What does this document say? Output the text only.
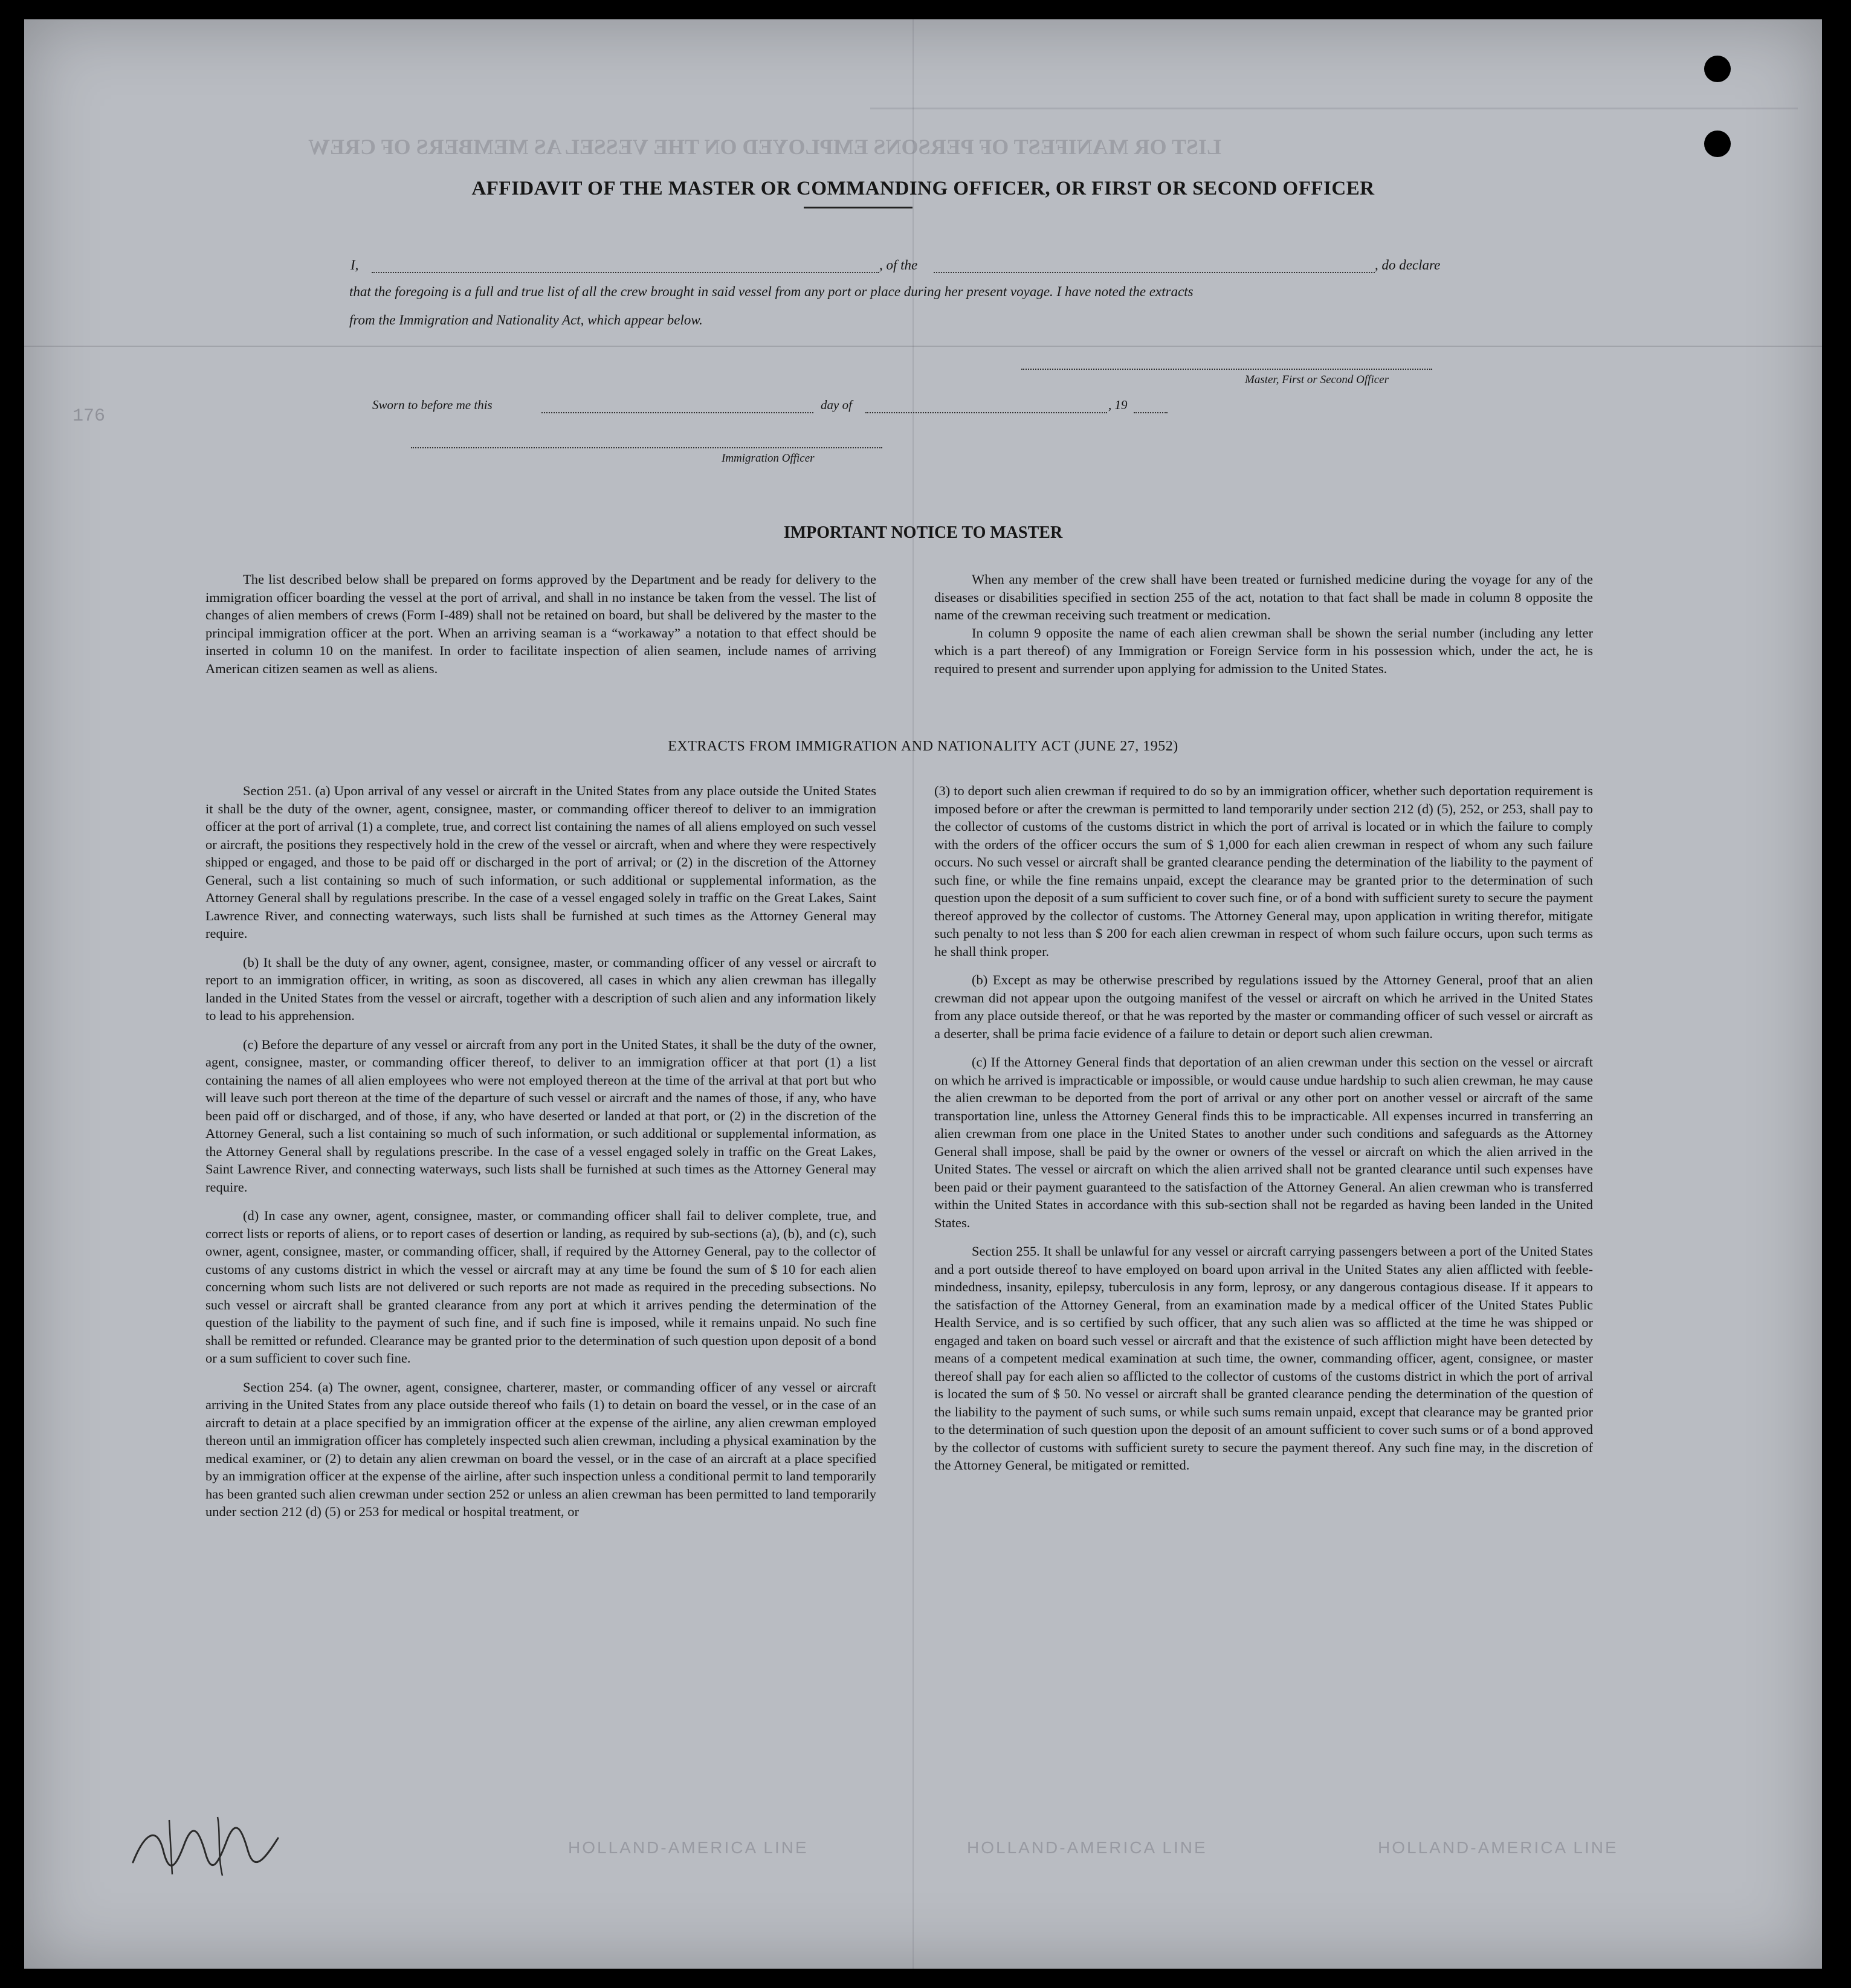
LIST OR MANIFEST OF PERSONS EMPLOYED ON THE VESSEL AS MEMBERS OF CREW
176
AFFIDAVIT OF THE MASTER OR COMMANDING OFFICER, OR FIRST OR SECOND OFFICER
I,	, of the	, do declare
that the foregoing is a full and true list of all the crew brought in said vessel from any port or place during her present voyage. I have noted the extracts
from the Immigration and Nationality Act, which appear below.
Master, First or Second Officer
Sworn to before me this	day of	, 19
Immigration Officer
IMPORTANT NOTICE TO MASTER

The list described below shall be prepared on forms approved by the Department and be ready for delivery to the immigration officer boarding the vessel at the port of arrival, and shall in no instance be taken from the vessel. The list of changes of alien members of crews (Form I-489) shall not be retained on board, but shall be delivered by the master to the principal immigration officer at the port. When an arriving seaman is a “workaway” a notation to that effect should be inserted in column 10 on the manifest. In order to facilitate inspection of alien seamen, include names of arriving American citizen seamen as well as aliens.

When any member of the crew shall have been treated or furnished medicine during the voyage for any of the diseases or disabilities specified in section 255 of the act, notation to that fact shall be made in column 8 opposite the name of the crewman receiving such treatment or medication.

In column 9 opposite the name of each alien crewman shall be shown the serial number (including any letter which is a part thereof) of any Immigration or Foreign Service form in his possession which, under the act, he is required to present and surrender upon applying for admission to the United States.

EXTRACTS FROM IMMIGRATION AND NATIONALITY ACT (JUNE 27, 1952)

Section 251. (a) Upon arrival of any vessel or aircraft in the United States from any place outside the United States it shall be the duty of the owner, agent, consignee, master, or commanding officer thereof to deliver to an immigration officer at the port of arrival (1) a complete, true, and correct list containing the names of all aliens employed on such vessel or aircraft, the positions they respectively hold in the crew of the vessel or aircraft, when and where they were respectively shipped or engaged, and those to be paid off or discharged in the port of arrival; or (2) in the discretion of the Attorney General, such a list containing so much of such information, or such additional or supplemental information, as the Attorney General shall by regulations prescribe. In the case of a vessel engaged solely in traffic on the Great Lakes, Saint Lawrence River, and connecting waterways, such lists shall be furnished at such times as the Attorney General may require.

(b) It shall be the duty of any owner, agent, consignee, master, or commanding officer of any vessel or aircraft to report to an immigration officer, in writing, as soon as discovered, all cases in which any alien crewman has illegally landed in the United States from the vessel or aircraft, together with a description of such alien and any information likely to lead to his apprehension.

(c) Before the departure of any vessel or aircraft from any port in the United States, it shall be the duty of the owner, agent, consignee, master, or commanding officer thereof, to deliver to an immigration officer at that port (1) a list containing the names of all alien employees who were not employed thereon at the time of the arrival at that port but who will leave such port thereon at the time of the departure of such vessel or aircraft and the names of those, if any, who have been paid off or discharged, and of those, if any, who have deserted or landed at that port, or (2) in the discretion of the Attorney General, such a list containing so much of such information, or such additional or supplemental information, as the Attorney General shall by regulations prescribe. In the case of a vessel engaged solely in traffic on the Great Lakes, Saint Lawrence River, and connecting waterways, such lists shall be furnished at such times as the Attorney General may require.

(d) In case any owner, agent, consignee, master, or commanding officer shall fail to deliver complete, true, and correct lists or reports of aliens, or to report cases of desertion or landing, as required by sub-sections (a), (b), and (c), such owner, agent, consignee, master, or commanding officer, shall, if required by the Attorney General, pay to the collector of customs of any customs district in which the vessel or aircraft may at any time be found the sum of $ 10 for each alien concerning whom such lists are not delivered or such reports are not made as required in the preceding subsections. No such vessel or aircraft shall be granted clearance from any port at which it arrives pending the determination of the question of the liability to the payment of such fine, and if such fine is imposed, while it remains unpaid. No such fine shall be remitted or refunded. Clearance may be granted prior to the determination of such question upon deposit of a bond or a sum sufficient to cover such fine.

Section 254. (a) The owner, agent, consignee, charterer, master, or commanding officer of any vessel or aircraft arriving in the United States from any place outside thereof who fails (1) to detain on board the vessel, or in the case of an aircraft to detain at a place specified by an immigration officer at the expense of the airline, any alien crewman employed thereon until an immigration officer has completely inspected such alien crewman, including a physical examination by the medical examiner, or (2) to detain any alien crewman on board the vessel, or in the case of an aircraft at a place specified by an immigration officer at the expense of the airline, after such inspection unless a conditional permit to land temporarily has been granted such alien crewman under section 252 or unless an alien crewman has been permitted to land temporarily under section 212 (d) (5) or 253 for medical or hospital treatment, or

(3) to deport such alien crewman if required to do so by an immigration officer, whether such deportation requirement is imposed before or after the crewman is permitted to land temporarily under section 212 (d) (5), 252, or 253, shall pay to the collector of customs of the customs district in which the port of arrival is located or in which the failure to comply with the orders of the officer occurs the sum of $ 1,000 for each alien crewman in respect of whom any such failure occurs. No such vessel or aircraft shall be granted clearance pending the determination of the liability to the payment of such fine, or while the fine remains unpaid, except the clearance may be granted prior to the determination of such question upon the deposit of a sum sufficient to cover such fine, or of a bond with sufficient surety to secure the payment thereof approved by the collector of customs. The Attorney General may, upon application in writing therefor, mitigate such penalty to not less than $ 200 for each alien crewman in respect of whom such failure occurs, upon such terms as he shall think proper.

(b) Except as may be otherwise prescribed by regulations issued by the Attorney General, proof that an alien crewman did not appear upon the outgoing manifest of the vessel or aircraft on which he arrived in the United States from any place outside thereof, or that he was reported by the master or commanding officer of such vessel or aircraft as a deserter, shall be prima facie evidence of a failure to detain or deport such alien crewman.

(c) If the Attorney General finds that deportation of an alien crewman under this section on the vessel or aircraft on which he arrived is impracticable or impossible, or would cause undue hardship to such alien crewman, he may cause the alien crewman to be deported from the port of arrival or any other port on another vessel or aircraft of the same transportation line, unless the Attorney General finds this to be impracticable. All expenses incurred in transferring an alien crewman from one place in the United States to another under such conditions and safeguards as the Attorney General shall impose, shall be paid by the owner or owners of the vessel or aircraft on which the alien arrived in the United States. The vessel or aircraft on which the alien arrived shall not be granted clearance until such expenses have been paid or their payment guaranteed to the satisfaction of the Attorney General. An alien crewman who is transferred within the United States in accordance with this sub-section shall not be regarded as having been landed in the United States.

Section 255. It shall be unlawful for any vessel or aircraft carrying passengers between a port of the United States and a port outside thereof to have employed on board upon arrival in the United States any alien afflicted with feeble-mindedness, insanity, epilepsy, tuberculosis in any form, leprosy, or any dangerous contagious disease. If it appears to the satisfaction of the Attorney General, from an examination made by a medical officer of the United States Public Health Service, and is so certified by such officer, that any such alien was so afflicted at the time he was shipped or engaged and taken on board such vessel or aircraft and that the existence of such affliction might have been detected by means of a competent medical examination at such time, the owner, commanding officer, agent, consignee, or master thereof shall pay for each alien so afflicted to the collector of customs of the customs district in which the port of arrival is located the sum of $ 50. No vessel or aircraft shall be granted clearance pending the determination of the question of the liability to the payment of such sums, or while such sums remain unpaid, except that clearance may be granted prior to the determination of such question upon the deposit of an amount sufficient to cover such sums or of a bond approved by the collector of customs with sufficient surety to secure the payment thereof. Any such fine may, in the discretion of the Attorney General, be mitigated or remitted.

HOLLAND-AMERICA LINE	HOLLAND-AMERICA LINE	HOLLAND-AMERICA LINE
